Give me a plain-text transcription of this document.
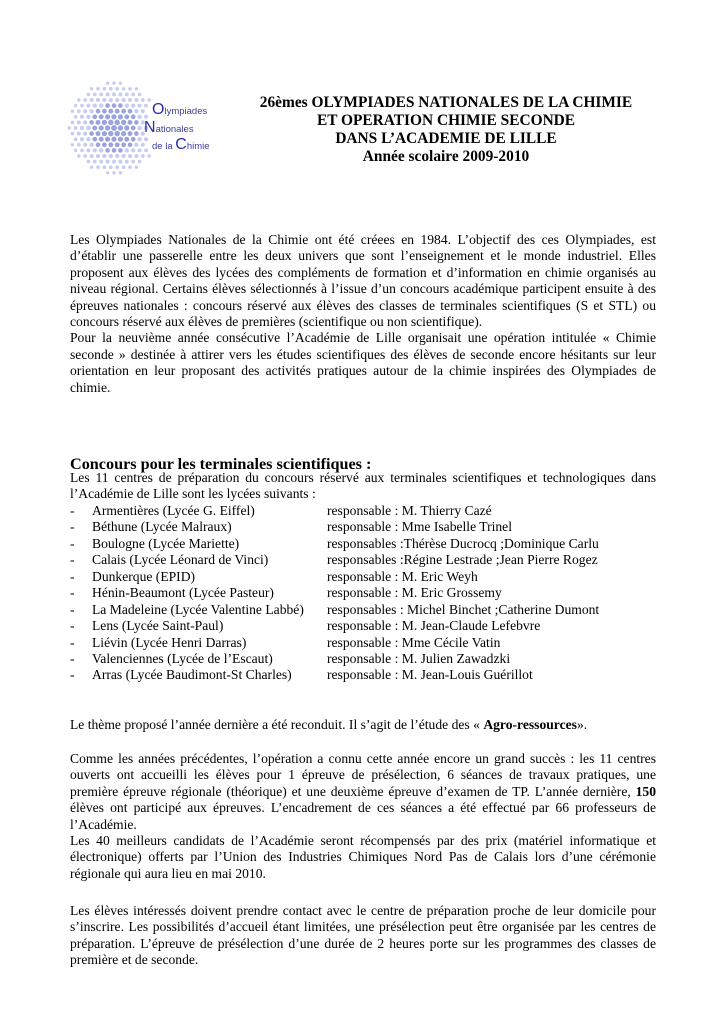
Olympiades
Nationales
de la Chimie
26èmes OLYMPIADES NATIONALES DE LA CHIMIE
ET OPERATION CHIMIE SECONDE
DANS L’ACADEMIE DE LILLE
Année scolaire 2009-2010

Les Olympiades Nationales de la Chimie ont été créees en 1984. L’objectif des ces Olympiades, est d’établir une passerelle entre les deux univers que sont l’enseignement et le monde industriel. Elles proposent aux élèves des lycées des compléments de formation et d’information en chimie organisés au niveau régional. Certains élèves sélectionnés à l’issue d’un concours académique participent ensuite à des épreuves nationales : concours réservé aux élèves des classes de terminales scientifiques (S et STL) ou concours réservé aux élèves de premières (scientifique ou non scientifique).

Pour la neuvième année consécutive l’Académie de Lille organisait une opération intitulée « Chimie seconde » destinée à attirer vers les études scientifiques des élèves de seconde encore hésitants sur leur orientation en leur proposant des activités pratiques autour de la chimie inspirées des Olympiades de chimie.

Concours pour les terminales scientifiques :
Les 11 centres de préparation du concours réservé aux terminales scientifiques et technologiques dans l’Académie de Lille sont les lycées suivants :
- Armentières (Lycée G. Eiffel)	responsable : M. Thierry Cazé
- Béthune (Lycée Malraux)	responsable : Mme Isabelle Trinel
- Boulogne (Lycée Mariette)	responsables :Thérèse Ducrocq ;Dominique Carlu
- Calais (Lycée Léonard de Vinci)	responsables :Régine Lestrade ;Jean Pierre Rogez
- Dunkerque (EPID)	responsable : M. Eric Weyh
- Hénin-Beaumont (Lycée Pasteur)	responsable : M. Eric Grossemy
- La Madeleine (Lycée Valentine Labbé) responsables : Michel Binchet ;Catherine Dumont
- Lens (Lycée Saint-Paul)	responsable : M. Jean-Claude Lefebvre
- Liévin (Lycée Henri Darras)	responsable : Mme Cécile Vatin
- Valenciennes (Lycée de l’Escaut)	responsable : M. Julien Zawadzki
- Arras (Lycée Baudimont-St Charles)	responsable : M. Jean-Louis Guérillot
Le thème proposé l’année dernière a été reconduit. Il s’agit de l’étude des « Agro-ressources».

Comme les années précédentes, l’opération a connu cette année encore un grand succès : les 11 centres ouverts ont accueilli les élèves pour 1 épreuve de présélection, 6 séances de travaux pratiques, une première épreuve régionale (théorique) et une deuxième épreuve d’examen de TP. L’année dernière, 150 élèves ont participé aux épreuves. L’encadrement de ces séances a été effectué par 66 professeurs de l’Académie.

Les 40 meilleurs candidats de l’Académie seront récompensés par des prix (matériel informatique et électronique) offerts par l’Union des Industries Chimiques Nord Pas de Calais lors d’une cérémonie régionale qui aura lieu en mai 2010.

Les élèves intéressés doivent prendre contact avec le centre de préparation proche de leur domicile pour s’inscrire. Les possibilités d’accueil étant limitées, une présélection peut être organisée par les centres de préparation. L’épreuve de présélection d’une durée de 2 heures porte sur les programmes des classes de première et de seconde.
